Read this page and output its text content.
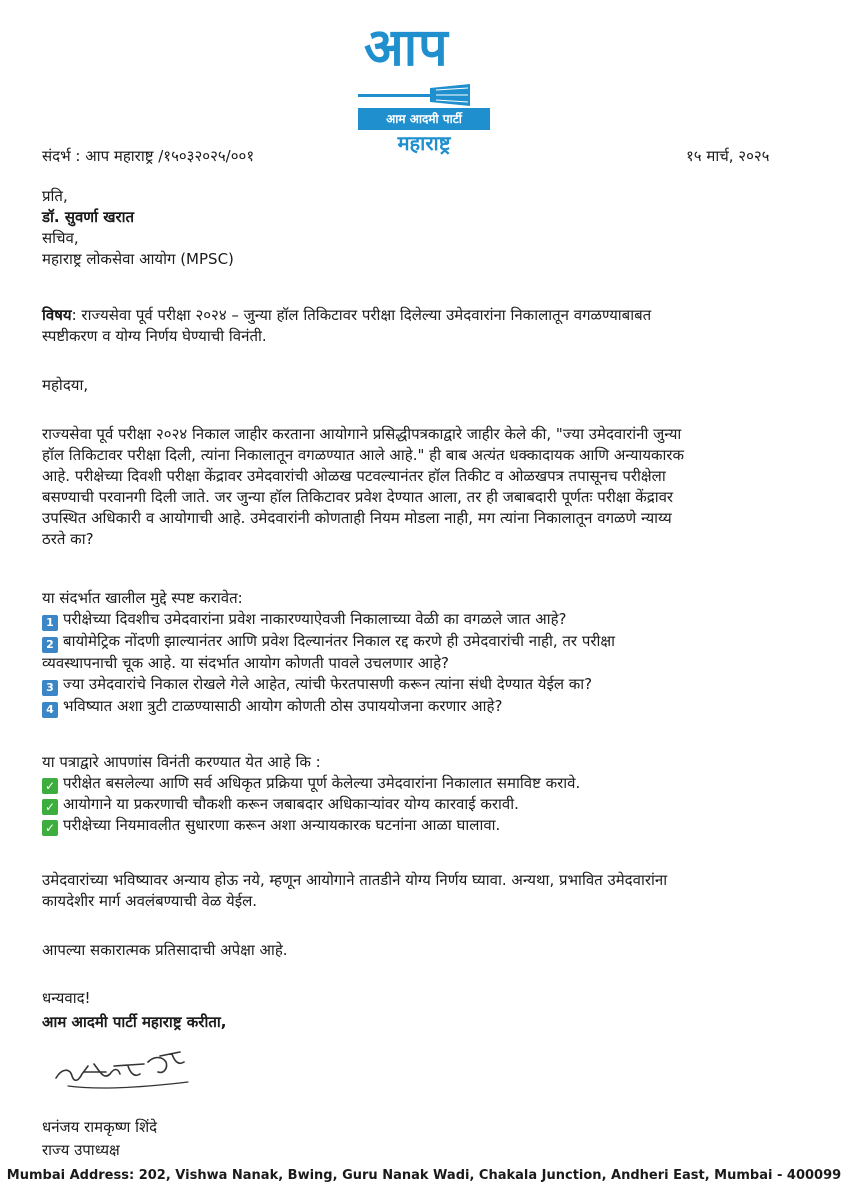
आप
आम आदमी पार्टी
महाराष्ट्र
संदर्भ : आप महाराष्ट्र /१५०३२०२५/००१	१५ मार्च, २०२५
प्रति,
डॉ. सुवर्णा खरात
सचिव,
महाराष्ट्र लोकसेवा आयोग (MPSC)
विषय: राज्यसेवा पूर्व परीक्षा २०२४ – जुन्या हॉल तिकिटावर परीक्षा दिलेल्या उमेदवारांना निकालातून वगळण्याबाबत
स्पष्टीकरण व योग्य निर्णय घेण्याची विनंती.
महोदया,
राज्यसेवा पूर्व परीक्षा २०२४ निकाल जाहीर करताना आयोगाने प्रसिद्धीपत्रकाद्वारे जाहीर केले की, "ज्या उमेदवारांनी जुन्या
हॉल तिकिटावर परीक्षा दिली, त्यांना निकालातून वगळण्यात आले आहे." ही बाब अत्यंत धक्कादायक आणि अन्यायकारक
आहे. परीक्षेच्या दिवशी परीक्षा केंद्रावर उमेदवारांची ओळख पटवल्यानंतर हॉल तिकीट व ओळखपत्र तपासूनच परीक्षेला
बसण्याची परवानगी दिली जाते. जर जुन्या हॉल तिकिटावर प्रवेश देण्यात आला, तर ही जबाबदारी पूर्णतः परीक्षा केंद्रावर
उपस्थित अधिकारी व आयोगाची आहे. उमेदवारांनी कोणताही नियम मोडला नाही, मग त्यांना निकालातून वगळणे न्याय्य
ठरते का?
या संदर्भात खालील मुद्दे स्पष्ट करावेत:
1 परीक्षेच्या दिवशीच उमेदवारांना प्रवेश नाकारण्याऐवजी निकालाच्या वेळी का वगळले जात आहे?
2 बायोमेट्रिक नोंदणी झाल्यानंतर आणि प्रवेश दिल्यानंतर निकाल रद्द करणे ही उमेदवारांची नाही, तर परीक्षा
व्यवस्थापनाची चूक आहे. या संदर्भात आयोग कोणती पावले उचलणार आहे?
3 ज्या उमेदवारांचे निकाल रोखले गेले आहेत, त्यांची फेरतपासणी करून त्यांना संधी देण्यात येईल का?
4 भविष्यात अशा त्रुटी टाळण्यासाठी आयोग कोणती ठोस उपाययोजना करणार आहे?
या पत्राद्वारे आपणांस विनंती करण्यात येत आहे कि :
✓ परीक्षेत बसलेल्या आणि सर्व अधिकृत प्रक्रिया पूर्ण केलेल्या उमेदवारांना निकालात समाविष्ट करावे.
✓ आयोगाने या प्रकरणाची चौकशी करून जबाबदार अधिकाऱ्यांवर योग्य कारवाई करावी.
✓ परीक्षेच्या नियमावलीत सुधारणा करून अशा अन्यायकारक घटनांना आळा घालावा.
उमेदवारांच्या भविष्यावर अन्याय होऊ नये, म्हणून आयोगाने तातडीने योग्य निर्णय घ्यावा. अन्यथा, प्रभावित उमेदवारांना
कायदेशीर मार्ग अवलंबण्याची वेळ येईल.
आपल्या सकारात्मक प्रतिसादाची अपेक्षा आहे.
धन्यवाद!
आम आदमी पार्टी महाराष्ट्र करीता,
धनंजय रामकृष्ण शिंदे
राज्य उपाध्यक्ष
Mumbai Address: 202, Vishwa Nanak, Bwing, Guru Nanak Wadi, Chakala Junction, Andheri East, Mumbai - 400099
